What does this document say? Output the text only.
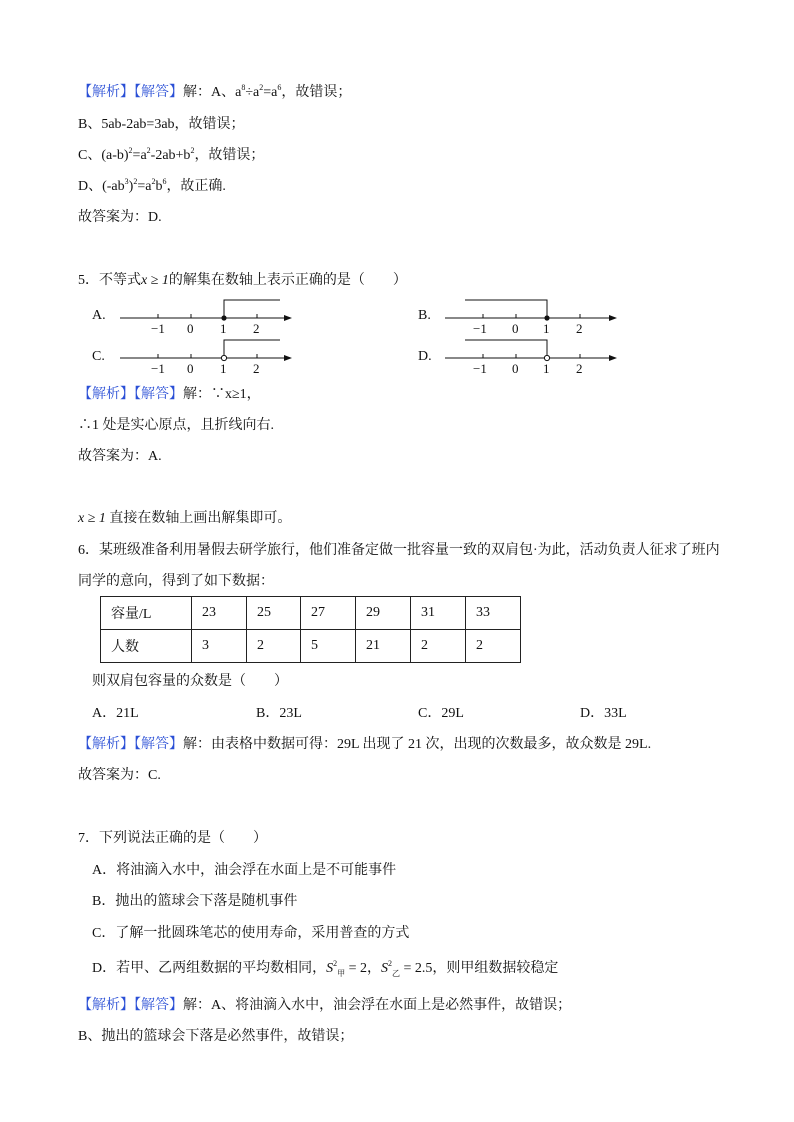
【解析】【解答】解：A、$a^8\div a^2=a^6$，故错误；
B、5ab-2ab=3ab，故错误；
C、$(a-b)^2=a^2-2ab+b^2$，故错误；
D、$(-ab^3)^2=a^2b^6$，故正确.
故答案为：D.
5．不等式x ≥ 1的解集在数轴上表示正确的是（　　）
A.	B.
C.	D.
−1 0 1 2	−1 0 1 2
−1 0 1 2	−1 0 1 2
【解析】【解答】解：∵x≥1，
∴1 处是实心原点，且折线向右.
故答案为：A.
x ≥ 1 直接在数轴上画出解集即可。
6．某班级准备利用暑假去研学旅行，他们准备定做一批容量一致的双肩包·为此，活动负责人征求了班内
同学的意向，得到了如下数据：
容量/L	23	25	27	29	31	33
人数	3	2	5	21	2	2
则双肩包容量的众数是（　　）
A．21L	B．23L	C．29L	D．33L
【解析】【解答】解：由表格中数据可得：29L 出现了 21 次，出现的次数最多，故众数是 29L.
故答案为：C.
7．下列说法正确的是（　　）
A．将油滴入水中，油会浮在水面上是不可能事件
B．抛出的篮球会下落是随机事件
C．了解一批圆珠笔芯的使用寿命，采用普查的方式
D．若甲、乙两组数据的平均数相同，$S^2_甲 = 2$，$S^2_乙 = 2.5$，则甲组数据较稳定
【解析】【解答】解：A、将油滴入水中，油会浮在水面上是必然事件，故错误；
B、抛出的篮球会下落是必然事件，故错误；
